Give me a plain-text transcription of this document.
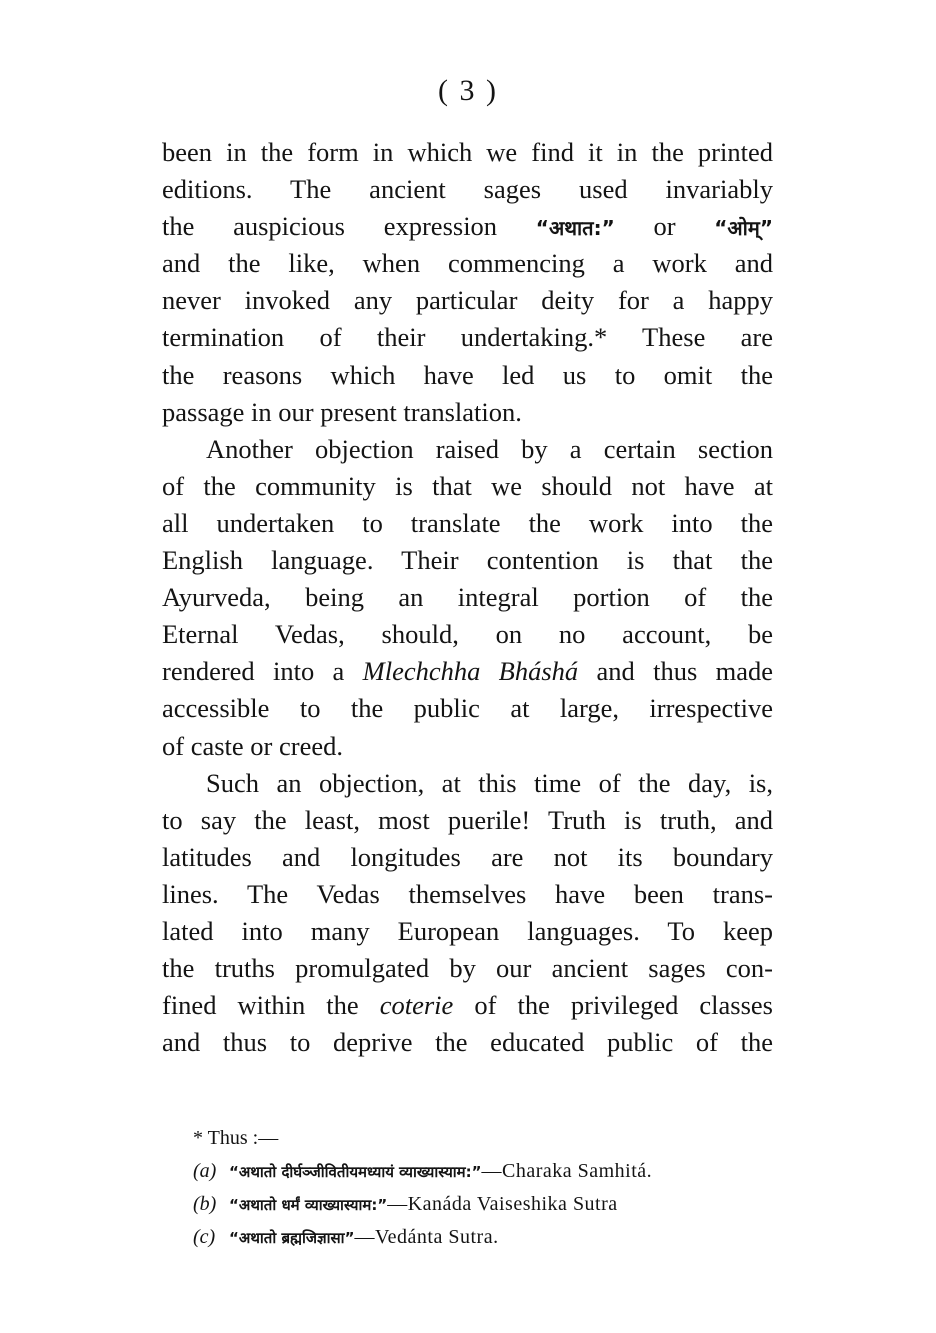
( 3 )
been in the form in which we find it in the printed
editions. The ancient sages used invariably
the auspicious expression “अथात:” or “ओम्”
and the like, when commencing a work and
never invoked any particular deity for a happy
termination of their undertaking.* These are
the reasons which have led us to omit the
passage in our present translation.
Another objection raised by a certain section
of the community is that we should not have at
all undertaken to translate the work into the
English language. Their contention is that the
Ayurveda, being an integral portion of the
Eternal Vedas, should, on no account, be
rendered into a Mlechchha Bháshá and thus made
accessible to the public at large, irrespective
of caste or creed.
Such an objection, at this time of the day, is,
to say the least, most puerile! Truth is truth, and
latitudes and longitudes are not its boundary
lines. The Vedas themselves have been trans-
lated into many European languages. To keep
the truths promulgated by our ancient sages con-
fined within the coterie of the privileged classes
and thus to deprive the educated public of the
* Thus :—
(a) “अथातो दीर्घञ्जीवितीयमध्यायं व्याख्यास्याम:”—Charaka Samhitá.
(b) “अथातो धर्मं व्याख्यास्याम:”—Kanáda Vaiseshika Sutra
(c) “अथातो ब्रह्मजिज्ञासा”—Vedánta Sutra.
